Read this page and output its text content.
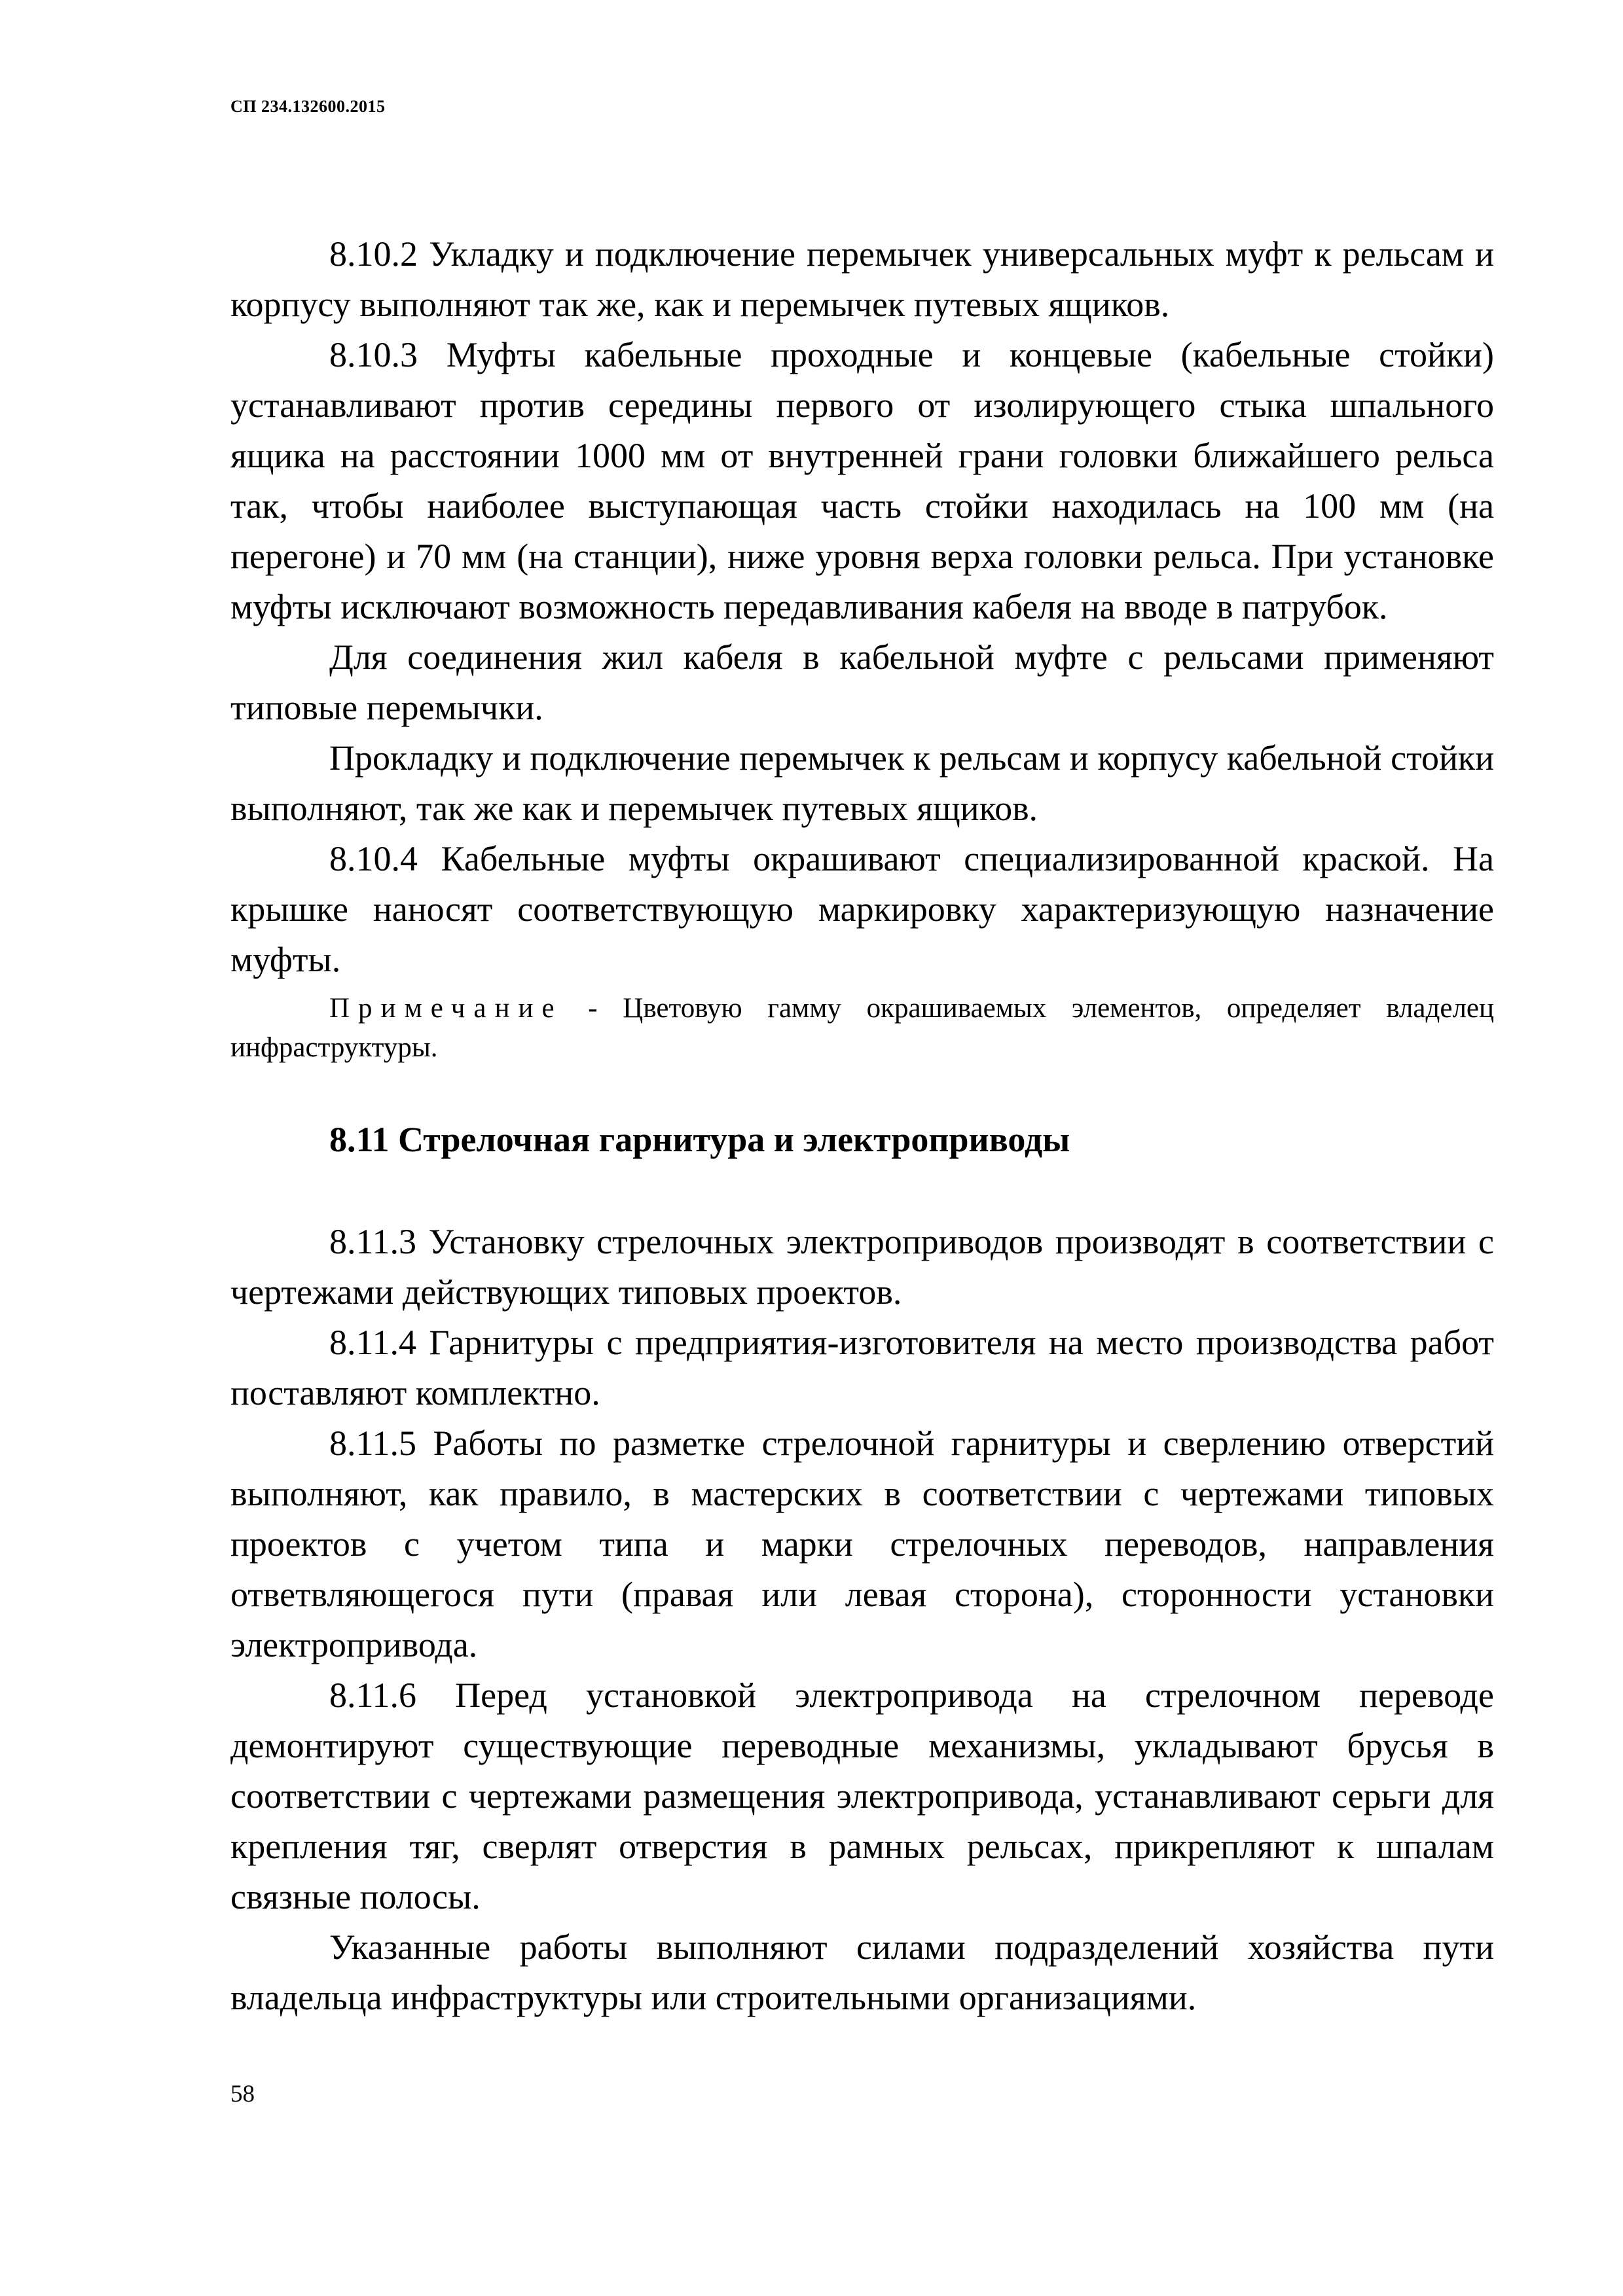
СП 234.132600.2015

8.10.2 Укладку и подключение перемычек универсальных муфт к рельсам и корпусу выполняют так же, как и перемычек путевых ящиков.

8.10.3 Муфты кабельные проходные и концевые (кабельные стойки) устанавливают против середины первого от изолирующего стыка шпального ящика на расстоянии 1000 мм от внутренней грани головки ближайшего рельса так, чтобы наиболее выступающая часть стойки находилась на 100 мм (на перегоне) и 70 мм (на станции), ниже уровня верха головки рельса. При установке муфты исключают возможность передавливания кабеля на вводе в патрубок.

Для соединения жил кабеля в кабельной муфте с рельсами применяют типовые перемычки.

Прокладку и подключение перемычек к рельсам и корпусу кабельной стойки выполняют, так же как и перемычек путевых ящиков.

8.10.4 Кабельные муфты окрашивают специализированной краской. На крышке наносят соответствующую маркировку характеризующую назначение муфты.

Примечание - Цветовую гамму окрашиваемых элементов, определяет владелец инфраструктуры.

8.11 Стрелочная гарнитура и электроприводы

8.11.3 Установку стрелочных электроприводов производят в соответствии с чертежами действующих типовых проектов.

8.11.4 Гарнитуры с предприятия-изготовителя на место производства работ поставляют комплектно.

8.11.5 Работы по разметке стрелочной гарнитуры и сверлению отверстий выполняют, как правило, в мастерских в соответствии с чертежами типовых проектов с учетом типа и марки стрелочных переводов, направления ответвляющегося пути (правая или левая сторона), сторонности установки электропривода.

8.11.6 Перед установкой электропривода на стрелочном переводе демонтируют существующие переводные механизмы, укладывают брусья в соответствии с чертежами размещения электропривода, устанавливают серьги для крепления тяг, сверлят отверстия в рамных рельсах, прикрепляют к шпалам связные полосы.

Указанные работы выполняют силами подразделений хозяйства пути владельца инфраструктуры или строительными организациями.

58
